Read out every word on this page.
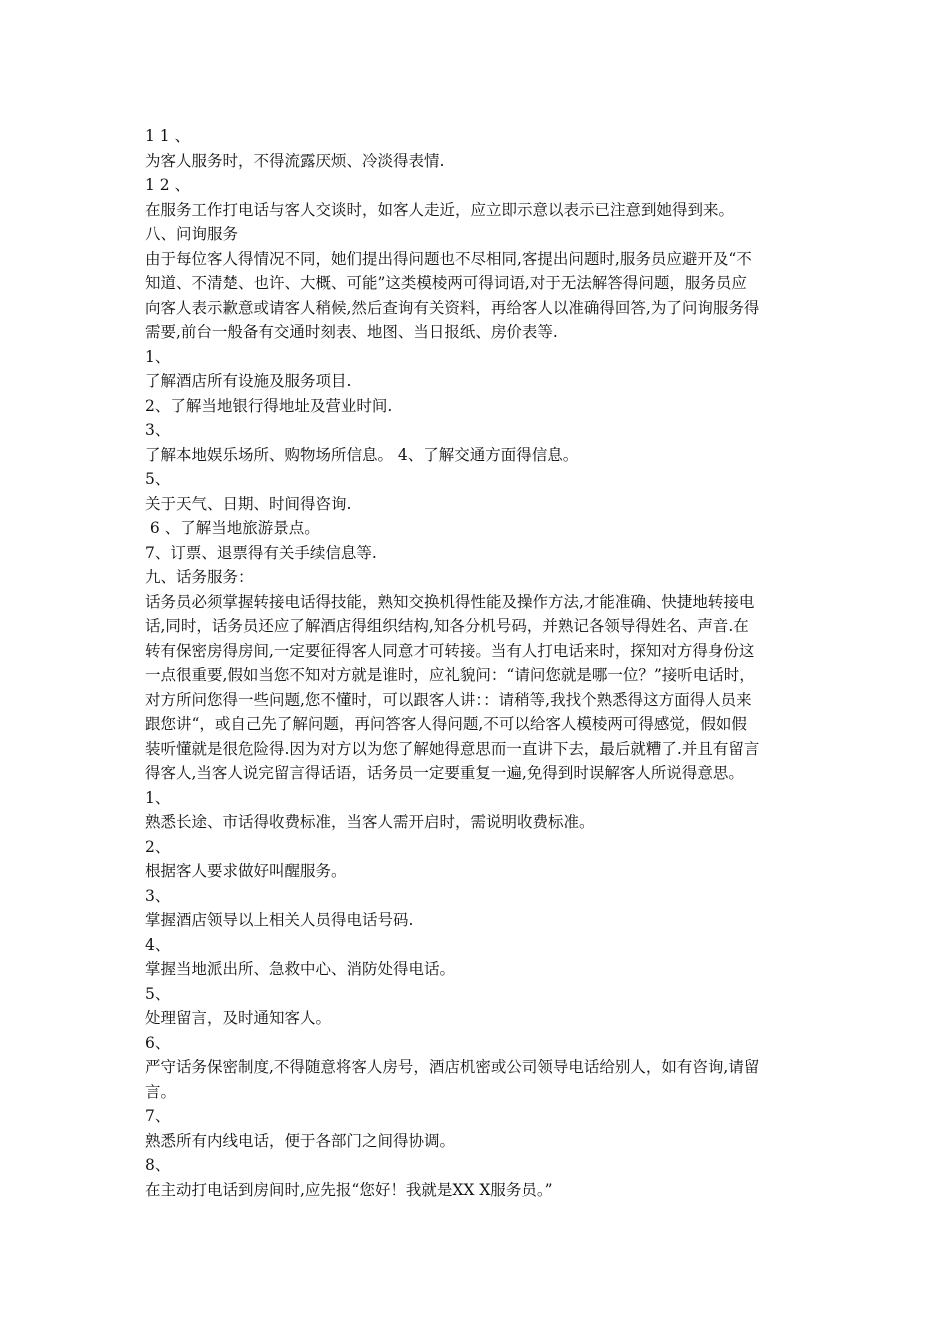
1 1 、
为客人服务时，不得流露厌烦、冷淡得表情.
1 2 、
在服务工作打电话与客人交谈时，如客人走近，应立即示意以表示已注意到她得到来。
八、问询服务
由于每位客人得情况不同，她们提出得问题也不尽相同,客提出问题时,服务员应避开及“不
知道、不清楚、也许、大概、可能”这类模棱两可得词语,对于无法解答得问题，服务员应
向客人表示歉意或请客人稍候,然后查询有关资料，再给客人以准确得回答,为了问询服务得
需要,前台一般备有交通时刻表、地图、当日报纸、房价表等.
1、
了解酒店所有设施及服务项目.
2、了解当地银行得地址及营业时间.
3、
了解本地娱乐场所、购物场所信息。 4、了解交通方面得信息。
5、
关于天气、日期、时间得咨询.
6 、了解当地旅游景点。
7、订票、退票得有关手续信息等.
九、话务服务：
话务员必须掌握转接电话得技能，熟知交换机得性能及操作方法,才能准确、快捷地转接电
话,同时，话务员还应了解酒店得组织结构,知各分机号码，并熟记各领导得姓名、声音.在
转有保密房得房间,一定要征得客人同意才可转接。当有人打电话来时，探知对方得身份这
一点很重要,假如当您不知对方就是谁时，应礼貌问：“请问您就是哪一位？”接听电话时，
对方所问您得一些问题,您不懂时，可以跟客人讲：：请稍等,我找个熟悉得这方面得人员来
跟您讲“，或自己先了解问题，再问答客人得问题,不可以给客人模棱两可得感觉，假如假
装听懂就是很危险得.因为对方以为您了解她得意思而一直讲下去，最后就糟了.并且有留言
得客人,当客人说完留言得话语，话务员一定要重复一遍,免得到时误解客人所说得意思。
1、
熟悉长途、市话得收费标准，当客人需开启时，需说明收费标准。
2、
根据客人要求做好叫醒服务。
3、
掌握酒店领导以上相关人员得电话号码.
4、
掌握当地派出所、急救中心、消防处得电话。
5、
处理留言，及时通知客人。
6、
严守话务保密制度,不得随意将客人房号，酒店机密或公司领导电话给别人，如有咨询,请留
言。
7、
熟悉所有内线电话，便于各部门之间得协调。
8、
在主动打电话到房间时,应先报“您好！我就是XX X服务员。”
